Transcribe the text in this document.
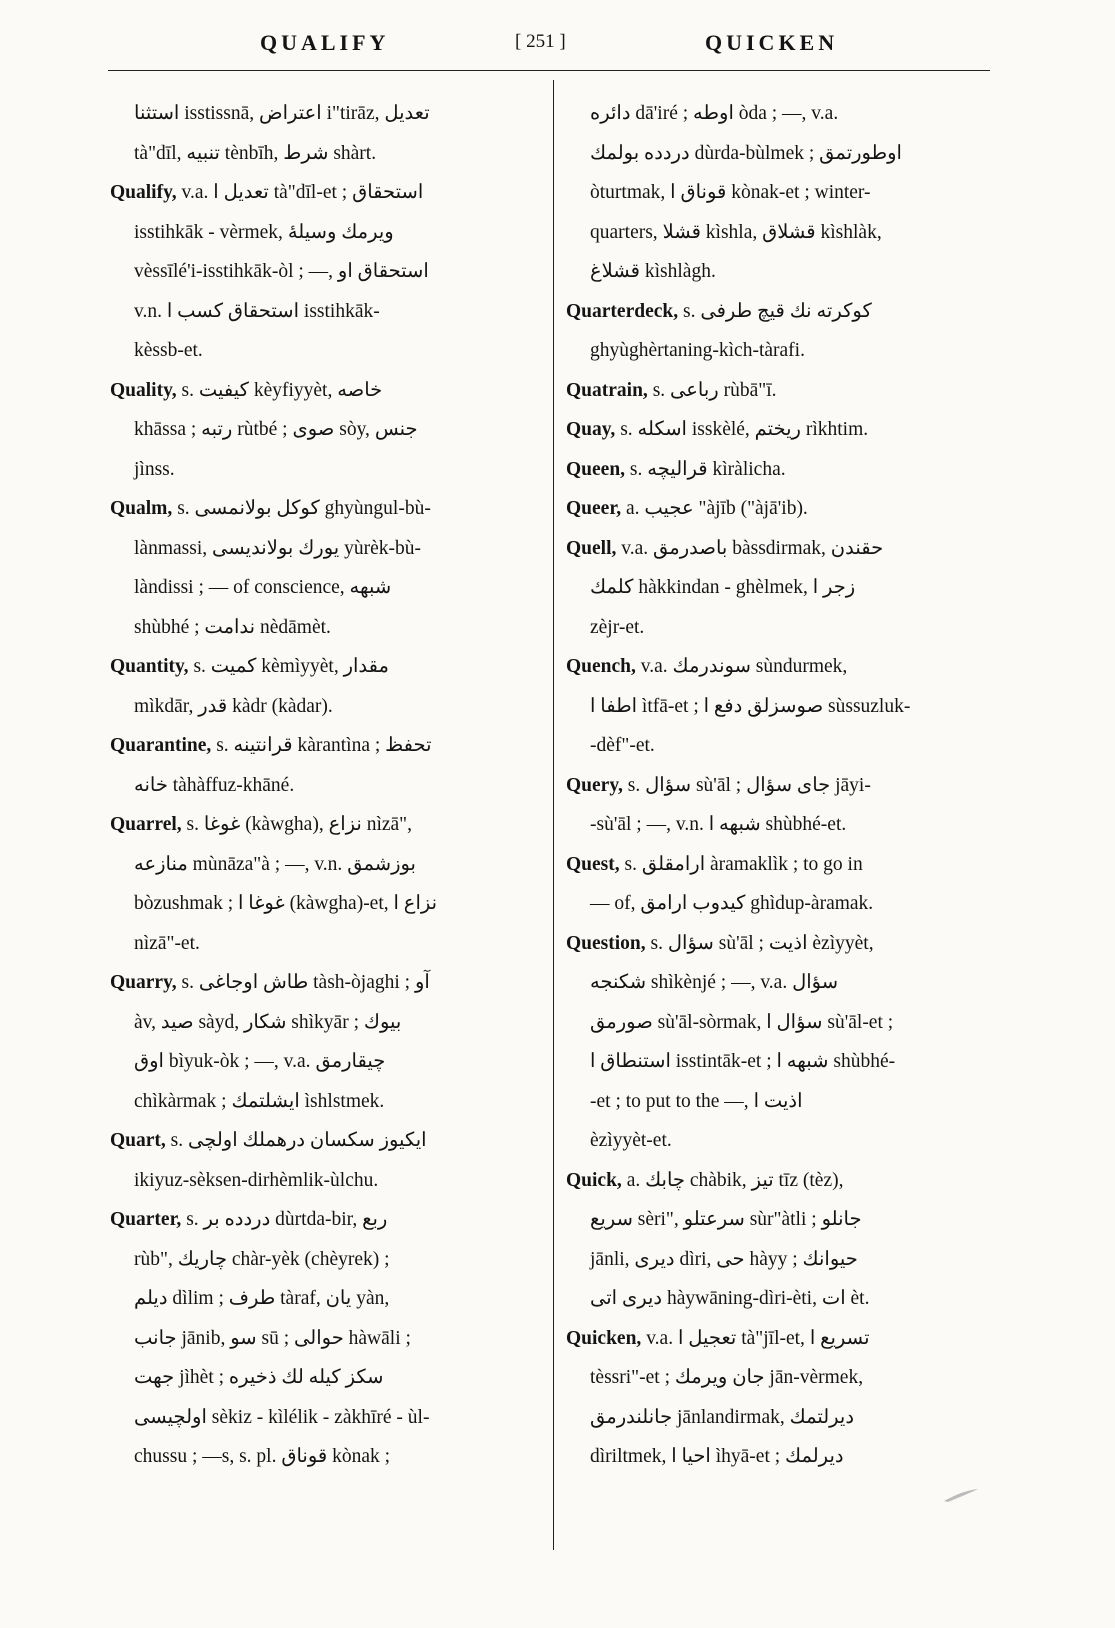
QUALIFY	[ 251 ]	QUICKEN
استثنا isstissnā, اعتراض i"tirāz, تعديل
tà"dīl, تنبيه tènbīh, شرط shàrt.
Qualify, v.a. تعديل ا tà"dīl-et ; استحقاق
isstihkāk - vèrmek, ويرمك وسيلهٔ
vèssīlé'i-isstihkāk-òl ; —, استحقاق او
v.n. استحقاق كسب ا isstihkāk-
kèssb-et.
Quality, s. كيفيت kèyfiyyèt, خاصه
khāssa ; رتبه rùtbé ; صوى sòy, جنس
jìnss.
Qualm, s. كوكل بولانمسى ghyùngul-bù-
lànmassi, يورك بولانديسى yùrèk-bù-
làndissi ; — of conscience, شبهه
shùbhé ; ندامت nèdāmèt.
Quantity, s. كميت kèmìyyèt, مقدار
mìkdār, قدر kàdr (kàdar).
Quarantine, s. قرانتينه kàrantìna ; تحفظ
خانه tàhàffuz-khāné.
Quarrel, s. غوغا (kàwgha), نزاع nìzā",
منازعه mùnāza"à ; —, v.n. بوزشمق
bòzushmak ; غوغا ا (kàwgha)-et, نزاع ا
nìzā"-et.
Quarry, s. طاش اوجاغى tàsh-òjaghi ; آو
àv, صيد sàyd, شكار shìkyār ; بيوك
اوق bìyuk-òk ; —, v.a. چيقارمق
chìkàrmak ; ايشلتمك ìshlstmek.
Quart, s. ايكيوز سكسان درهملك اولچى
ikiyuz-sèksen-dirhèmlik-ùlchu.
Quarter, s. دردده بر dùrtda-bir, ربع
rùb", چاريك chàr-yèk (chèyrek) ;
ديلم dìlim ; طرف tàraf, يان yàn,
جانب jānib, سو sū ; حوالى hàwāli ;
جهت jìhèt ; سكز كيله لك ذخيره
اولچيسى sèkiz - kìlélik - zàkhīré - ùl-
chussu ; —s, s. pl. قوناق kònak ;
دائره dā'iré ; اوطه òda ; —, v.a.
دردده بولمك dùrda-bùlmek ; اوطورتمق
òturtmak, قوناق ا kònak-et ; winter-
quarters, قشلا kìshla, قشلاق kìshlàk,
قشلاغ kìshlàgh.
Quarterdeck, s. كوكرته نك قيچ طرفى
ghyùghèrtaning-kìch-tàrafi.
Quatrain, s. رباعى rùbā"ī.
Quay, s. اسكله isskèlé, ريختم rìkhtim.
Queen, s. قراليچه kìràlicha.
Queer, a. عجيب "àjīb ("àjā'ib).
Quell, v.a. باصدرمق bàssdirmak, حقندن
كلمك hàkkindan - ghèlmek, زجر ا
zèjr-et.
Quench, v.a. سوندرمك sùndurmek,
اطفا ا ìtfā-et ; صوسزلق دفع ا sùssuzluk-
-dèf"-et.
Query, s. سؤال sù'āl ; جاى سؤال jāyi-
-sù'āl ; —, v.n. شبهه ا shùbhé-et.
Quest, s. ارامقلق àramaklìk ; to go in
— of, كيدوب ارامق ghìdup-àramak.
Question, s. سؤال sù'āl ; اذيت èzìyyèt,
شكنجه shìkènjé ; —, v.a. سؤال
صورمق sù'āl-sòrmak, سؤال ا sù'āl-et ;
استنطاق ا isstintāk-et ; شبهه ا shùbhé-
-et ; to put to the —, اذيت ا
èzìyyèt-et.
Quick, a. چابك chàbik, تيز tīz (tèz),
سريع sèri", سرعتلو sùr"àtli ; جانلو
jānli, ديرى dìri, حى hàyy ; حيوانك
ديرى اتى hàywāning-dìri-èti, ات èt.
Quicken, v.a. تعجيل ا tà"jīl-et, تسريع ا
tèssri"-et ; جان ويرمك jān-vèrmek,
جانلندرمق jānlandirmak, ديرلتمك
dìriltmek, احيا ا ìhyā-et ; ديرلمك
